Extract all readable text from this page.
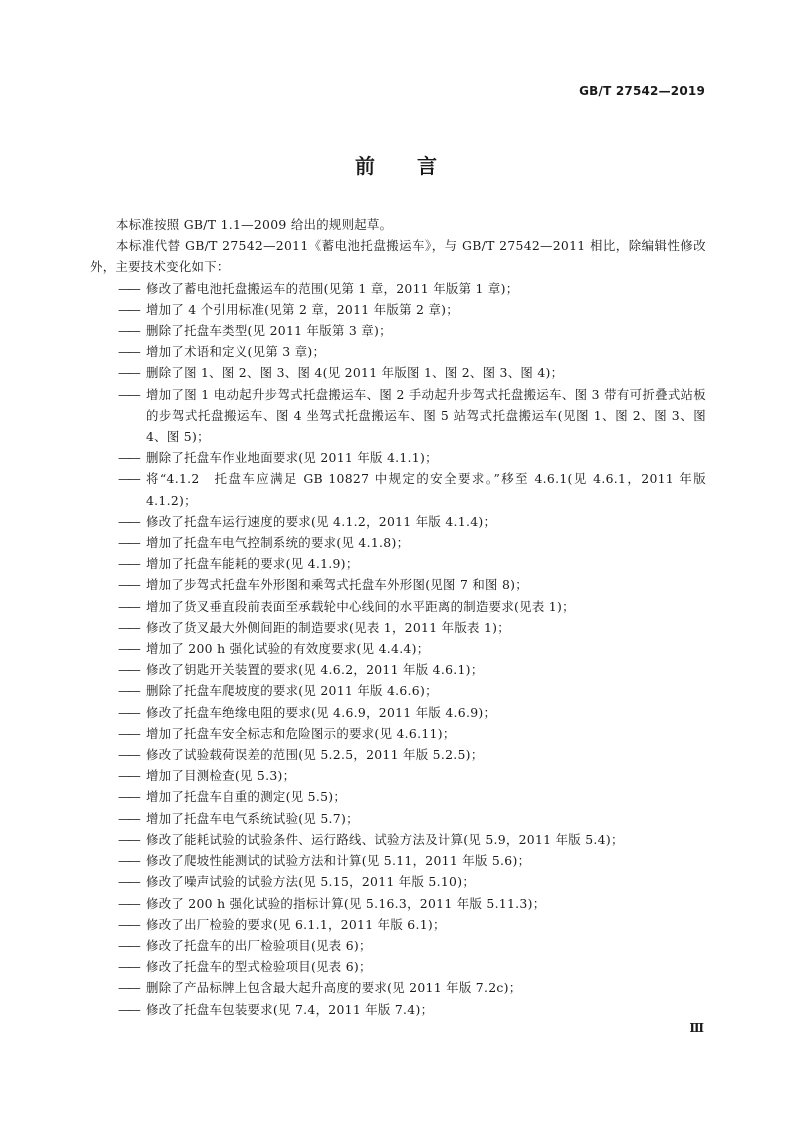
GB/T 27542—2019
前 言

本标准按照 GB/T 1.1—2009 给出的规则起草。

本标准代替 GB/T 27542—2011《蓄电池托盘搬运车》，与 GB/T 27542—2011 相比，除编辑性修改外，主要技术变化如下：

—— 修改了蓄电池托盘搬运车的范围(见第 1 章，2011 年版第 1 章)；
—— 增加了 4 个引用标准(见第 2 章，2011 年版第 2 章)；
—— 删除了托盘车类型(见 2011 年版第 3 章)；
—— 增加了术语和定义(见第 3 章)；
—— 删除了图 1、图 2、图 3、图 4(见 2011 年版图 1、图 2、图 3、图 4)；
—— 增加了图 1 电动起升步驾式托盘搬运车、图 2 手动起升步驾式托盘搬运车、图 3 带有可折叠式站板的步驾式托盘搬运车、图 4 坐驾式托盘搬运车、图 5 站驾式托盘搬运车(见图 1、图 2、图 3、图 4、图 5)；
—— 删除了托盘车作业地面要求(见 2011 年版 4.1.1)；
—— 将“4.1.2　托盘车应满足 GB 10827 中规定的安全要求。”移至 4.6.1(见 4.6.1，2011 年版 4.1.2)；
—— 修改了托盘车运行速度的要求(见 4.1.2，2011 年版 4.1.4)；
—— 增加了托盘车电气控制系统的要求(见 4.1.8)；
—— 增加了托盘车能耗的要求(见 4.1.9)；
—— 增加了步驾式托盘车外形图和乘驾式托盘车外形图(见图 7 和图 8)；
—— 增加了货叉垂直段前表面至承载轮中心线间的水平距离的制造要求(见表 1)；
—— 修改了货叉最大外侧间距的制造要求(见表 1，2011 年版表 1)；
—— 增加了 200 h 强化试验的有效度要求(见 4.4.4)；
—— 修改了钥匙开关装置的要求(见 4.6.2，2011 年版 4.6.1)；
—— 删除了托盘车爬坡度的要求(见 2011 年版 4.6.6)；
—— 修改了托盘车绝缘电阻的要求(见 4.6.9，2011 年版 4.6.9)；
—— 增加了托盘车安全标志和危险图示的要求(见 4.6.11)；
—— 修改了试验载荷误差的范围(见 5.2.5，2011 年版 5.2.5)；
—— 增加了目测检查(见 5.3)；
—— 增加了托盘车自重的测定(见 5.5)；
—— 增加了托盘车电气系统试验(见 5.7)；
—— 修改了能耗试验的试验条件、运行路线、试验方法及计算(见 5.9，2011 年版 5.4)；
—— 修改了爬坡性能测试的试验方法和计算(见 5.11，2011 年版 5.6)；
—— 修改了噪声试验的试验方法(见 5.15，2011 年版 5.10)；
—— 修改了 200 h 强化试验的指标计算(见 5.16.3，2011 年版 5.11.3)；
—— 修改了出厂检验的要求(见 6.1.1，2011 年版 6.1)；
—— 修改了托盘车的出厂检验项目(见表 6)；
—— 修改了托盘车的型式检验项目(见表 6)；
—— 删除了产品标牌上包含最大起升高度的要求(见 2011 年版 7.2c)；
—— 修改了托盘车包装要求(见 7.4，2011 年版 7.4)；
Ⅲ
